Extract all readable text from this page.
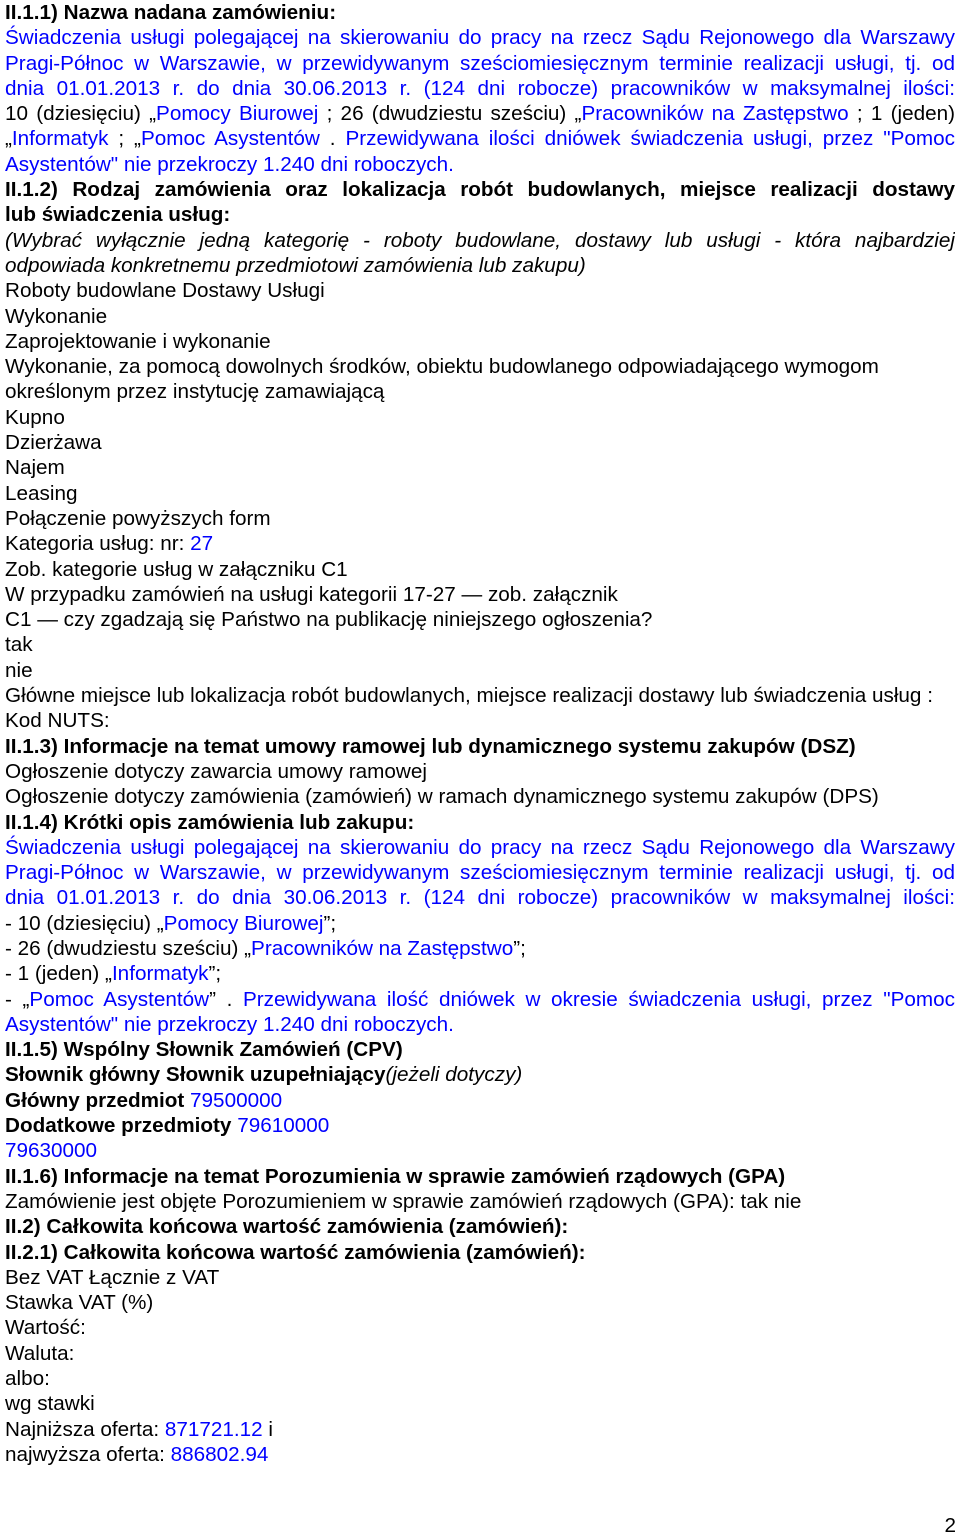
II.1.1) Nazwa nadana zamówieniu:
Świadczenia usługi polegającej na skierowaniu do pracy na rzecz Sądu Rejonowego dla Warszawy
Pragi-Północ w Warszawie, w przewidywanym sześciomiesięcznym terminie realizacji usługi, tj. od
dnia 01.01.2013 r. do dnia 30.06.2013 r. (124 dni robocze) pracowników w maksymalnej ilości:
10 (dziesięciu) „Pomocy Biurowej ; 26 (dwudziestu sześciu) „Pracowników na Zastępstwo ; 1 (jeden)
„Informatyk ; „Pomoc Asystentów . Przewidywana ilości dniówek świadczenia usługi, przez "Pomoc
Asystentów" nie przekroczy 1.240 dni roboczych.
II.1.2) Rodzaj zamówienia oraz lokalizacja robót budowlanych, miejsce realizacji dostawy
lub świadczenia usług:
(Wybrać wyłącznie jedną kategorię - roboty budowlane, dostawy lub usługi - która najbardziej
odpowiada konkretnemu przedmiotowi zamówienia lub zakupu)
Roboty budowlane Dostawy Usługi
Wykonanie
Zaprojektowanie i wykonanie
Wykonanie, za pomocą dowolnych środków, obiektu budowlanego odpowiadającego wymogom
określonym przez instytucję zamawiającą
Kupno
Dzierżawa
Najem
Leasing
Połączenie powyższych form
Kategoria usług: nr: 27
Zob. kategorie usług w załączniku C1
W przypadku zamówień na usługi kategorii 17-27 — zob. załącznik
C1 — czy zgadzają się Państwo na publikację niniejszego ogłoszenia?
tak
nie
Główne miejsce lub lokalizacja robót budowlanych, miejsce realizacji dostawy lub świadczenia usług :
Kod NUTS:
II.1.3) Informacje na temat umowy ramowej lub dynamicznego systemu zakupów (DSZ)
Ogłoszenie dotyczy zawarcia umowy ramowej
Ogłoszenie dotyczy zamówienia (zamówień) w ramach dynamicznego systemu zakupów (DPS)
II.1.4) Krótki opis zamówienia lub zakupu:
Świadczenia usługi polegającej na skierowaniu do pracy na rzecz Sądu Rejonowego dla Warszawy
Pragi-Północ w Warszawie, w przewidywanym sześciomiesięcznym terminie realizacji usługi, tj. od
dnia 01.01.2013 r. do dnia 30.06.2013 r. (124 dni robocze) pracowników w maksymalnej ilości:
- 10 (dziesięciu) „Pomocy Biurowej”;
- 26 (dwudziestu sześciu) „Pracowników na Zastępstwo”;
- 1 (jeden) „Informatyk”;
- „Pomoc Asystentów” . Przewidywana ilość dniówek w okresie świadczenia usługi, przez "Pomoc
Asystentów" nie przekroczy 1.240 dni roboczych.
II.1.5) Wspólny Słownik Zamówień (CPV)
Słownik główny Słownik uzupełniający(jeżeli dotyczy)
Główny przedmiot 79500000
Dodatkowe przedmioty 79610000
79630000
II.1.6) Informacje na temat Porozumienia w sprawie zamówień rządowych (GPA)
Zamówienie jest objęte Porozumieniem w sprawie zamówień rządowych (GPA): tak nie
II.2) Całkowita końcowa wartość zamówienia (zamówień):
II.2.1) Całkowita końcowa wartość zamówienia (zamówień):
Bez VAT Łącznie z VAT
Stawka VAT (%)
Wartość:
Waluta:
albo:
wg stawki
Najniższa oferta: 871721.12 i
najwyższa oferta: 886802.94
2
